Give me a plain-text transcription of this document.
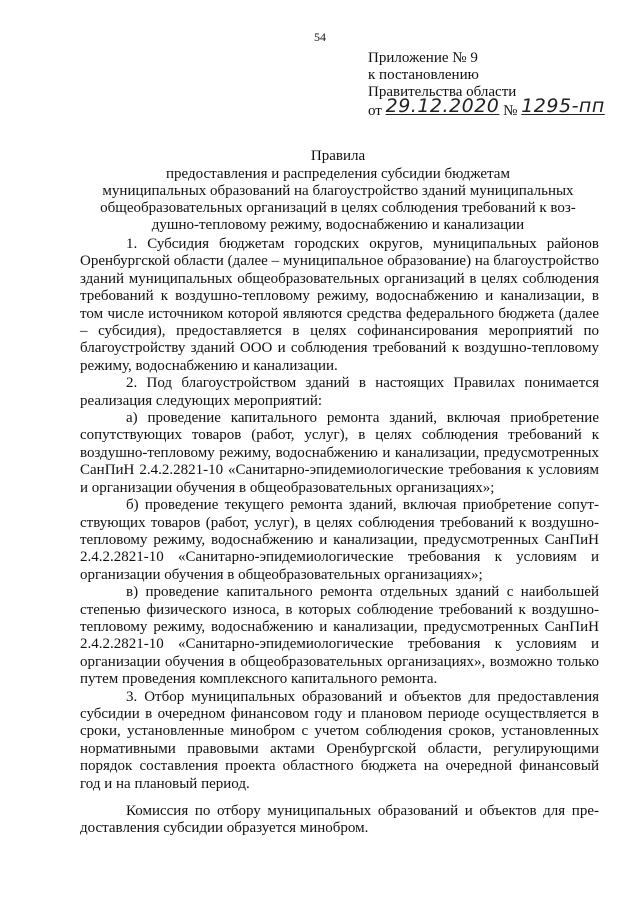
54
Приложение № 9
к постановлению
Правительства области
от 29.12.2020 № 1295-пп
Правила
предоставления и распределения субсидии бюджетам
муниципальных образований на благоустройство зданий муниципальных
общеобразовательных организаций в целях соблюдения требований к воз-
душно-тепловому режиму, водоснабжению и канализации

1. Субсидия бюджетам городских округов, муниципальных районов Оренбургской области (далее – муниципальное образование) на благоустройство зданий муниципальных общеобразовательных организаций в целях соблюдения требований к воздушно-тепловому режиму, водоснабжению и канализации, в том числе источником которой являются средства федерального бюджета (далее – субсидия), предоставляется в целях софинансирования мероприятий по благоустройству зданий ООО и соблюдения требований к воздушно-тепловому режиму, водоснабжению и канализации.

2. Под благоустройством зданий в настоящих Правилах понимается реализация следующих мероприятий:

а) проведение капитального ремонта зданий, включая приобретение сопутствующих товаров (работ, услуг), в целях соблюдения требований к воздушно-тепловому режиму, водоснабжению и канализации, предусмотренных СанПиН 2.4.2.2821-10 «Санитарно-эпидемиологические требования к условиям и организации обучения в общеобразовательных организациях»;

б) проведение текущего ремонта зданий, включая приобретение сопутствующих товаров (работ, услуг), в целях соблюдения требований к воздушно-тепловому режиму, водоснабжению и канализации, предусмотренных СанПиН 2.4.2.2821-10 «Санитарно-эпидемиологические требования к условиям и организации обучения в общеобразовательных организациях»;

в) проведение капитального ремонта отдельных зданий с наибольшей степенью физического износа, в которых соблюдение требований к воздушно-тепловому режиму, водоснабжению и канализации, предусмотренных СанПиН 2.4.2.2821-10 «Санитарно-эпидемиологические требования к условиям и организации обучения в общеобразовательных организациях», возможно только путем проведения комплексного капитального ремонта.

3. Отбор муниципальных образований и объектов для предоставления субсидии в очередном финансовом году и плановом периоде осуществляется в сроки, установленные минобром с учетом соблюдения сроков, установленных нормативными правовыми актами Оренбургской области, регулирующими порядок составления проекта областного бюджета на очередной финансовый год и на плановый период.

Комиссия по отбору муниципальных образований и объектов для предоставления субсидии образуется минобром.
